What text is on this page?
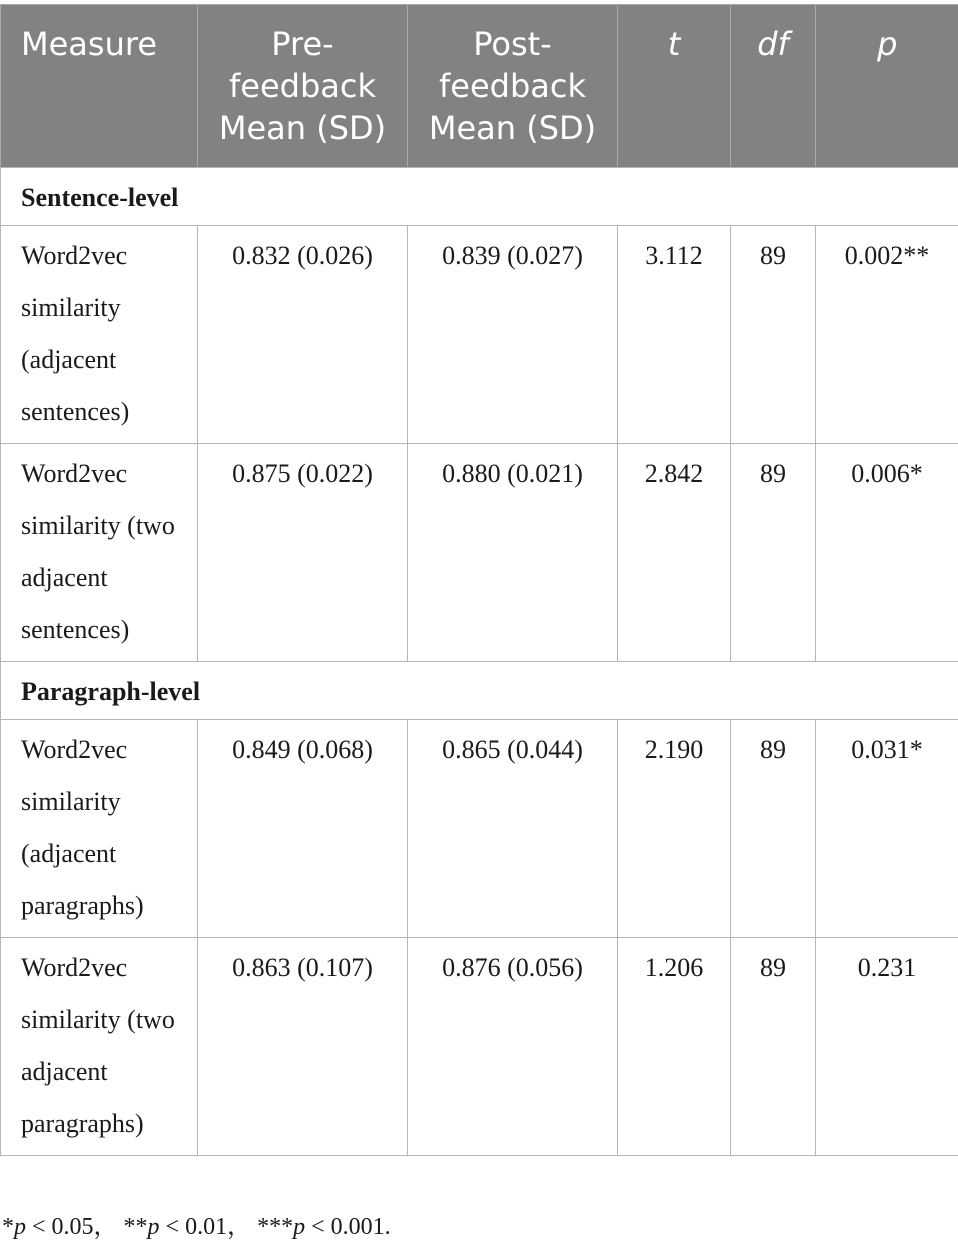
Measure	Pre-feedback Mean (SD)	Post-feedback Mean (SD)	t	df	p
Sentence-level					
Word2vec similarity (adjacent sentences)	0.832 (0.026)	0.839 (0.027)	3.112	89	0.002**
Word2vec similarity (two adjacent sentences)	0.875 (0.022)	0.880 (0.021)	2.842	89	0.006*
Paragraph-level					
Word2vec similarity (adjacent paragraphs)	0.849 (0.068)	0.865 (0.044)	2.190	89	0.031*
Word2vec similarity (two adjacent paragraphs)	0.863 (0.107)	0.876 (0.056)	1.206	89	0.231
*p < 0.05， **p < 0.01， ***p < 0.001.
